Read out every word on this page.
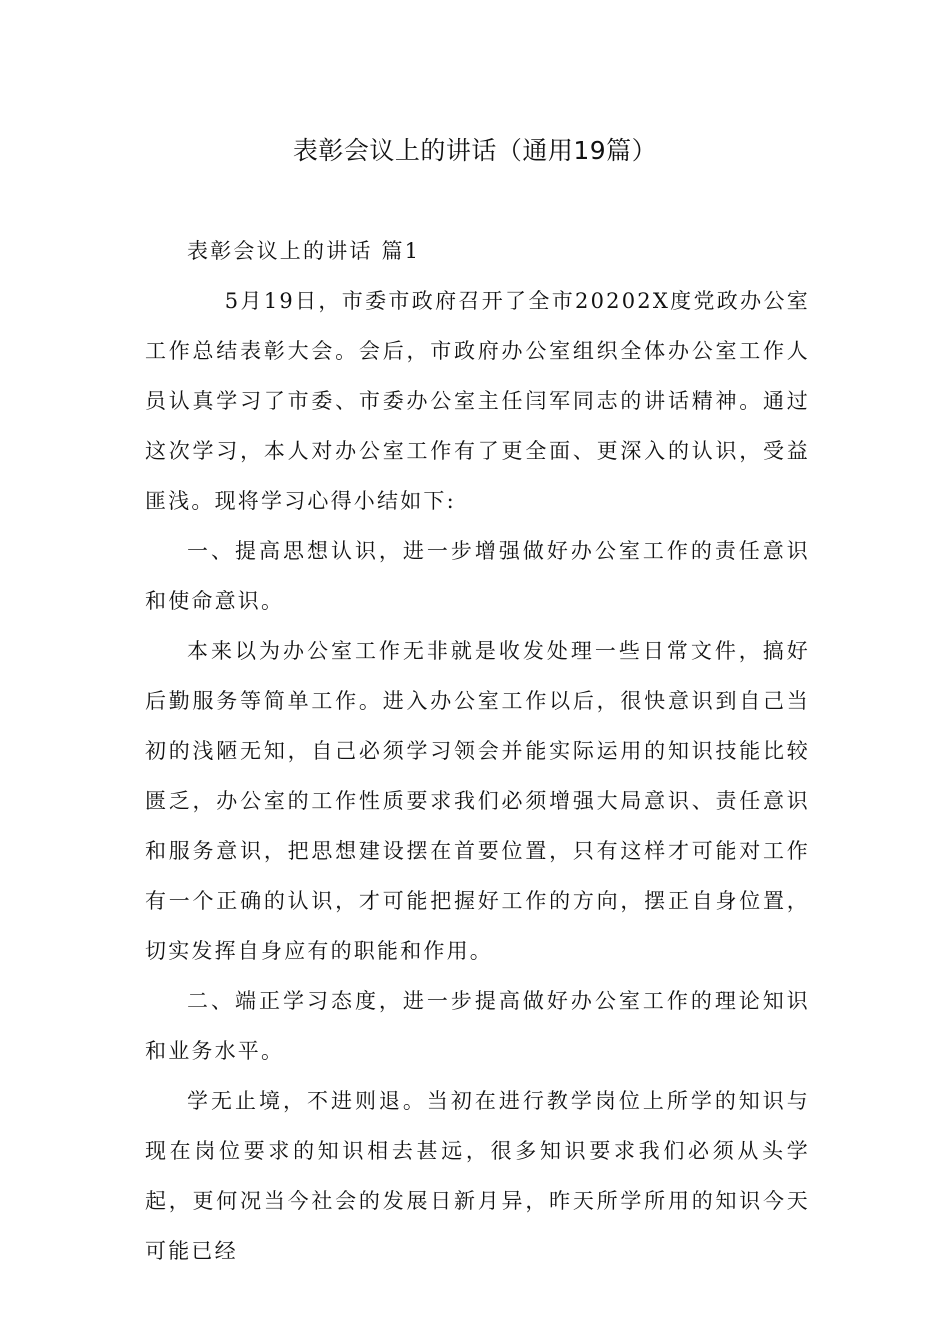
表彰会议上的讲话（通用19篇）

表彰会议上的讲话 篇1

5月19日，市委市政府召开了全市20202X度党政办公室工作总结表彰大会。会后，市政府办公室组织全体办公室工作人员认真学习了市委、市委办公室主任闫军同志的讲话精神。通过这次学习，本人对办公室工作有了更全面、更深入的认识，受益匪浅。现将学习心得小结如下:

一、提高思想认识，进一步增强做好办公室工作的责任意识和使命意识。

本来以为办公室工作无非就是收发处理一些日常文件，搞好后勤服务等简单工作。进入办公室工作以后，很快意识到自己当初的浅陋无知，自己必须学习领会并能实际运用的知识技能比较匮乏，办公室的工作性质要求我们必须增强大局意识、责任意识和服务意识，把思想建设摆在首要位置，只有这样才可能对工作有一个正确的认识，才可能把握好工作的方向，摆正自身位置，切实发挥自身应有的职能和作用。

二、端正学习态度，进一步提高做好办公室工作的理论知识和业务水平。

学无止境，不进则退。当初在进行教学岗位上所学的知识与现在岗位要求的知识相去甚远，很多知识要求我们必须从头学起，更何况当今社会的发展日新月异，昨天所学所用的知识今天可能已经
